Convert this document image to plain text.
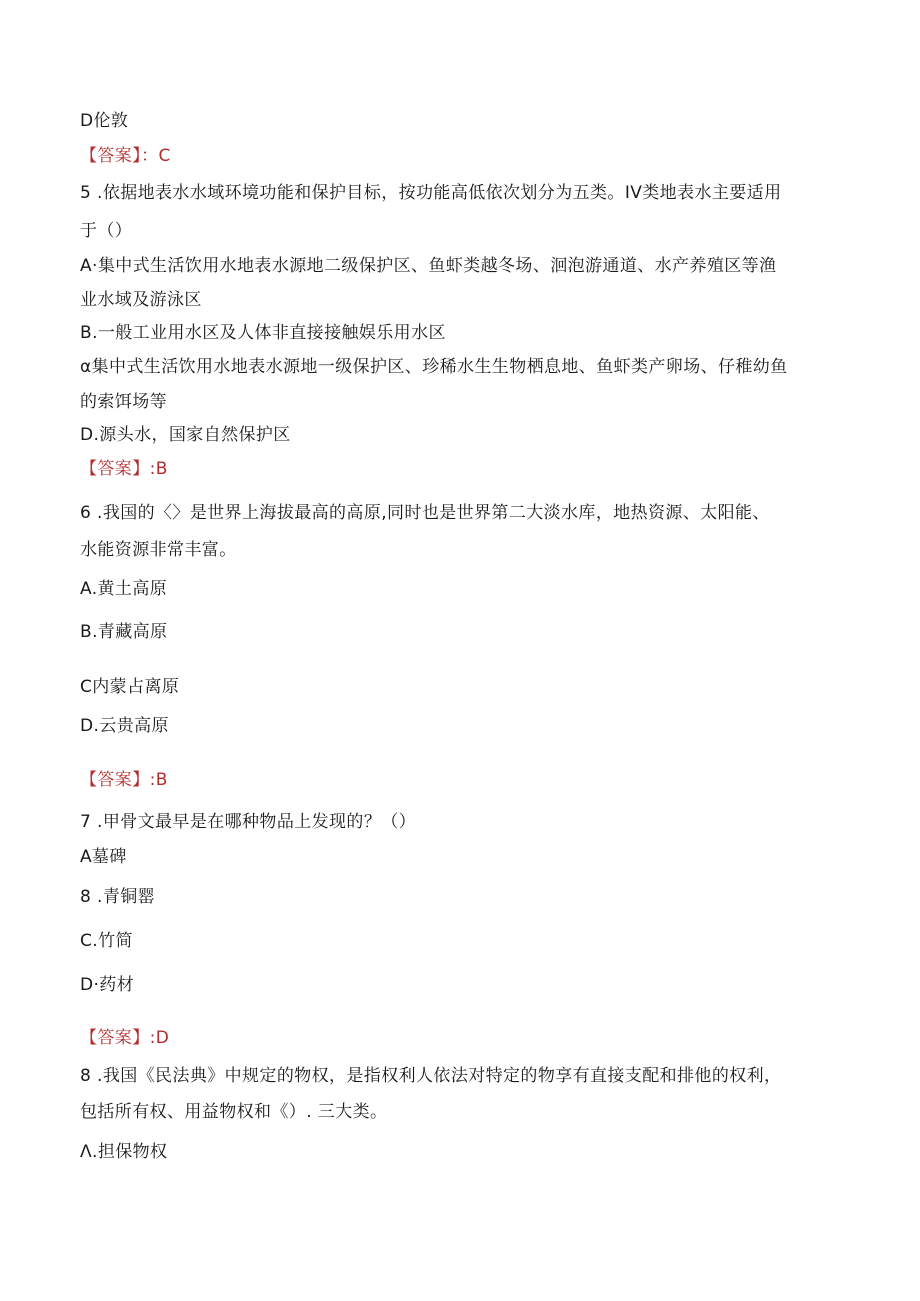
D伦敦
【答案】：C
5 .依据地表水水域环境功能和保护目标，按功能高低依次划分为五类。IV类地表水主要适用
于（）
A·集中式生活饮用水地表水源地二级保护区、鱼虾类越冬场、洄泡游通道、水产养殖区等渔
业水域及游泳区
B.一般工业用水区及人体非直接接触娱乐用水区
α集中式生活饮用水地表水源地一级保护区、珍稀水生生物栖息地、鱼虾类产卵场、仔稚幼鱼
的索饵场等
D.源头水，国家自然保护区
【答案】:B
6 .我国的〈〉是世界上海拔最高的高原,同时也是世界第二大淡水库，地热资源、太阳能、
水能资源非常丰富。
A.黄土高原
B.青藏高原
C内蒙占离原
D.云贵高原
【答案】:B
7 .甲骨文最早是在哪种物品上发现的？（）
A墓碑
8 .青铜罂
C.竹简
D·药材
【答案】:D
8 .我国《民法典》中规定的物权，是指权利人依法对特定的物享有直接支配和排他的权利，
包括所有权、用益物权和《）. 三大类。
Λ.担保物权
